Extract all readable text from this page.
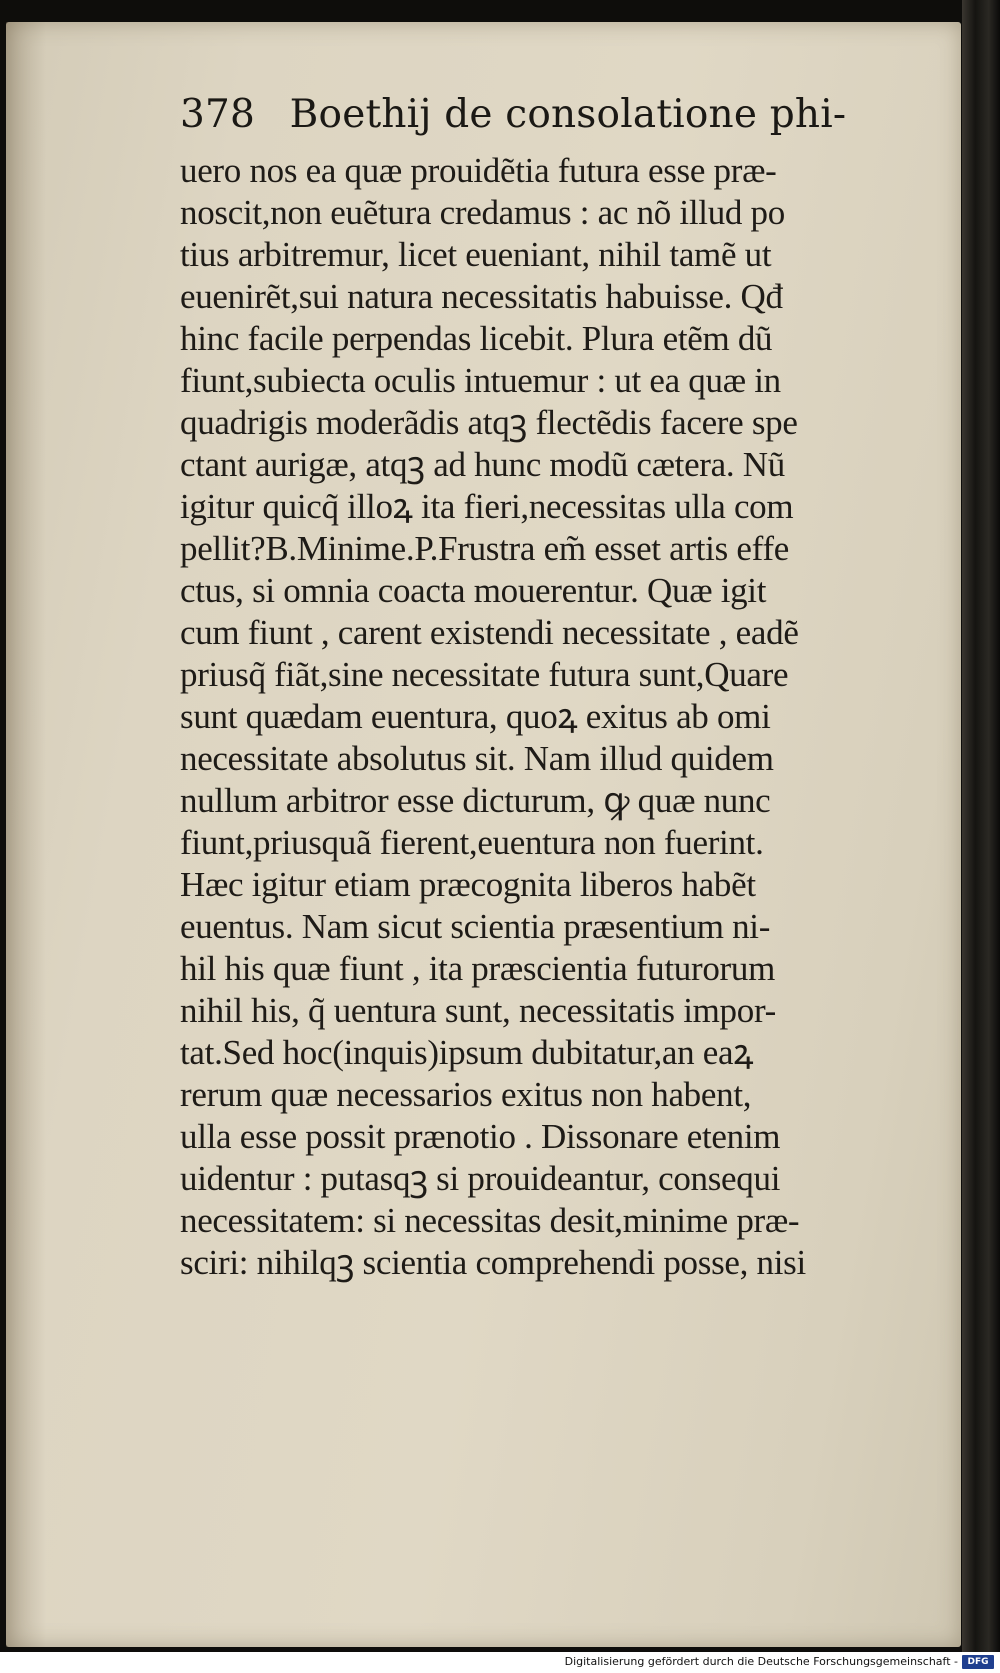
378 Boethij de consolatione phi-
uero nos ea quæ prouidẽtia futura esse præ-
noscit,non euẽtura credamus : ac nõ illud po
tius arbitremur, licet eueniant, nihil tamẽ ut
euenirẽt,sui natura necessitatis habuisse. Qđ
hinc facile perpendas licebit. Plura etẽm dũ
fiunt,subiecta oculis intuemur : ut ea quæ in
quadrigis moderãdis atqꝫ flectẽdis facere spe
ctant aurigæ, atqꝫ ad hunc modũ cætera. Nũ
igitur quicq̃ illoꝝ ita fieri,necessitas ulla com
pellit?B.Minime.P.Frustra em̃ esset artis effe
ctus, si omnia coacta mouerentur. Quæ igit
cum fiunt , carent existendi necessitate , eadẽ
priusq̃ fiãt,sine necessitate futura sunt,Quare
sunt quædam euentura, quoꝝ exitus ab omi
necessitate absolutus sit. Nam illud quidem
nullum arbitror esse dicturum, ꝙ quæ nunc
fiunt,priusquã fierent,euentura non fuerint.
Hæc igitur etiam præcognita liberos habẽt
euentus. Nam sicut scientia præsentium ni-
hil his quæ fiunt , ita præscientia futurorum
nihil his, q̃ uentura sunt, necessitatis impor-
tat.Sed hoc(inquis)ipsum dubitatur,an eaꝝ
rerum quæ necessarios exitus non habent,
ulla esse possit prænotio . Dissonare etenim
uidentur : putasqꝫ si prouideantur, consequi
necessitatem: si necessitas desit,minime præ-
sciri: nihilqꝫ scientia comprehendi posse, nisi
Digitalisierung gefördert durch die Deutsche Forschungsgemeinschaft -	DFG
